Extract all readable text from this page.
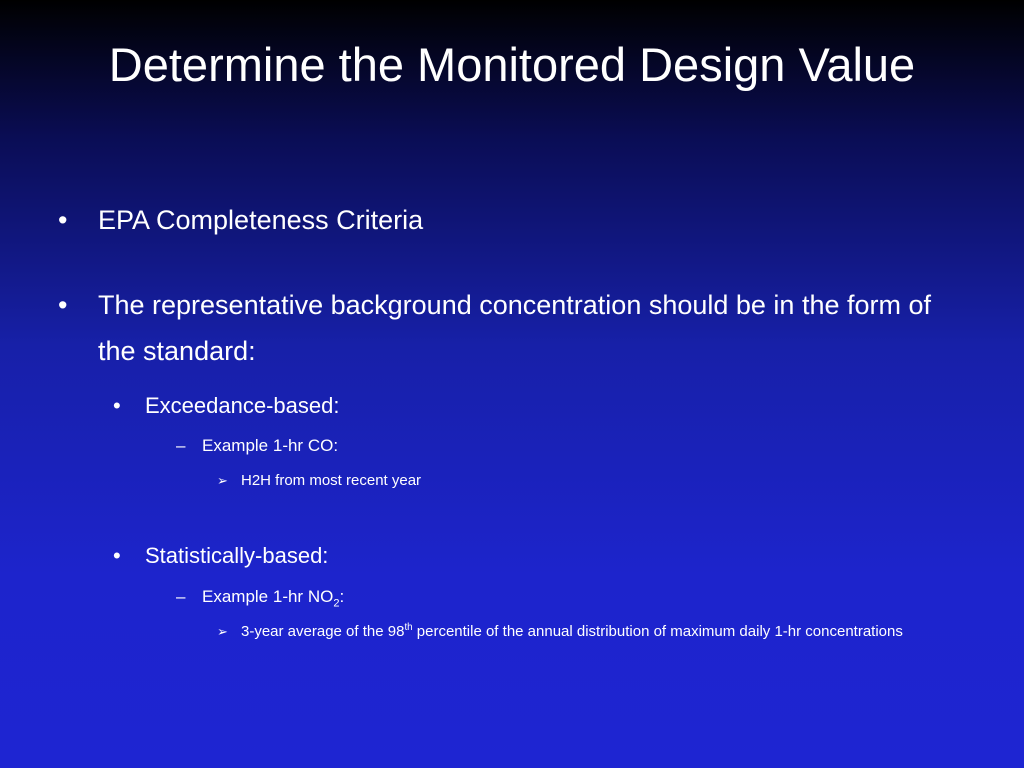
Determine the Monitored Design Value
•	EPA Completeness Criteria
•	The representative background concentration should be in the form of the standard:
•	Exceedance-based:
– Example 1-hr CO:
➢ H2H from most recent year
•	Statistically-based:
– Example 1-hr $NO_2$:
➢ 3-year average of the 98th percentile of the annual distribution of maximum daily 1-hr concentrations
